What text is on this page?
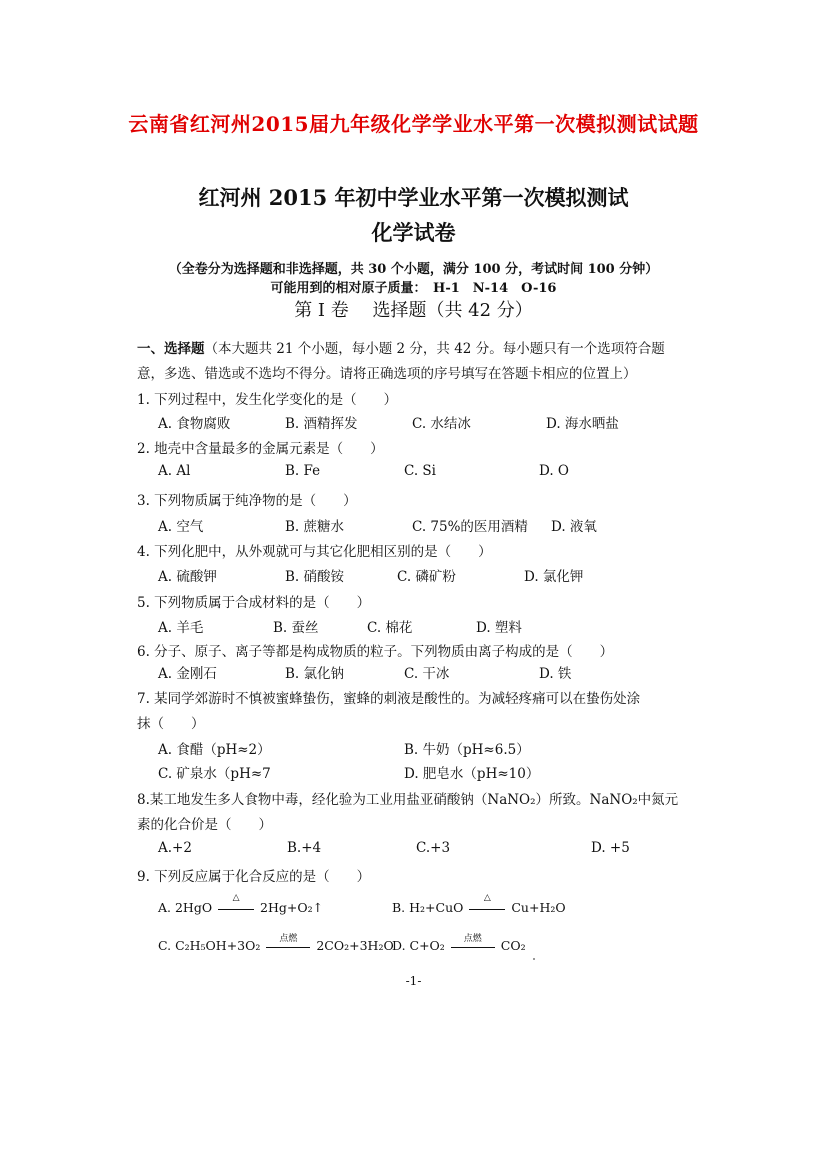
云南省红河州2015届九年级化学学业水平第一次模拟测试试题
红河州 2015 年初中学业水平第一次模拟测试
化学试卷
（全卷分为选择题和非选择题，共 30 个小题，满分 100 分，考试时间 100 分钟）
可能用到的相对原子质量：　H-1　N-14　O-16
第 I 卷　 选择题（共 42 分）
一、选择题（本大题共 21 个小题，每小题 2 分，共 42 分。每小题只有一个选项符合题
意，多选、错选或不选均不得分。请将正确选项的序号填写在答题卡相应的位置上）
1. 下列过程中，发生化学变化的是（　　）
A. 食物腐败	B. 酒精挥发	C. 水结冰	D. 海水晒盐
2. 地壳中含量最多的金属元素是（　　）
A. Al	B. Fe	C. Si	D. O
3. 下列物质属于纯净物的是（　　）
A. 空气	B. 蔗糖水	C. 75%的医用酒精 D. 液氧
4. 下列化肥中，从外观就可与其它化肥相区别的是（　　）
A. 硫酸钾	B. 硝酸铵	C. 磷矿粉	D. 氯化钾
5. 下列物质属于合成材料的是（　　）
A. 羊毛	B. 蚕丝	C. 棉花	D. 塑料
6. 分子、原子、离子等都是构成物质的粒子。下列物质由离子构成的是（　　）
A. 金刚石	B. 氯化钠	C. 干冰	D. 铁
7. 某同学郊游时不慎被蜜蜂蛰伤，蜜蜂的刺液是酸性的。为减轻疼痛可以在蛰伤处涂
抹（　　）
A. 食醋（pH≈2）	B. 牛奶（pH≈6.5）
C. 矿泉水（pH≈7	D. 肥皂水（pH≈10）
8.某工地发生多人食物中毒，经化验为工业用盐亚硝酸钠（NaNO₂）所致。NaNO₂中氮元
素的化合价是（　　）
A.+2	B.+4	C.+3	D. +5
9. 下列反应属于化合反应的是（　　）
A. 2HgO
△
2Hg+O₂↑	B. H₂+CuO
△
Cu+H₂O
C. C₂H₅OH+3O₂	点燃	2CO₂+3H₂O
D. C+O₂	点燃	CO₂
-1-
